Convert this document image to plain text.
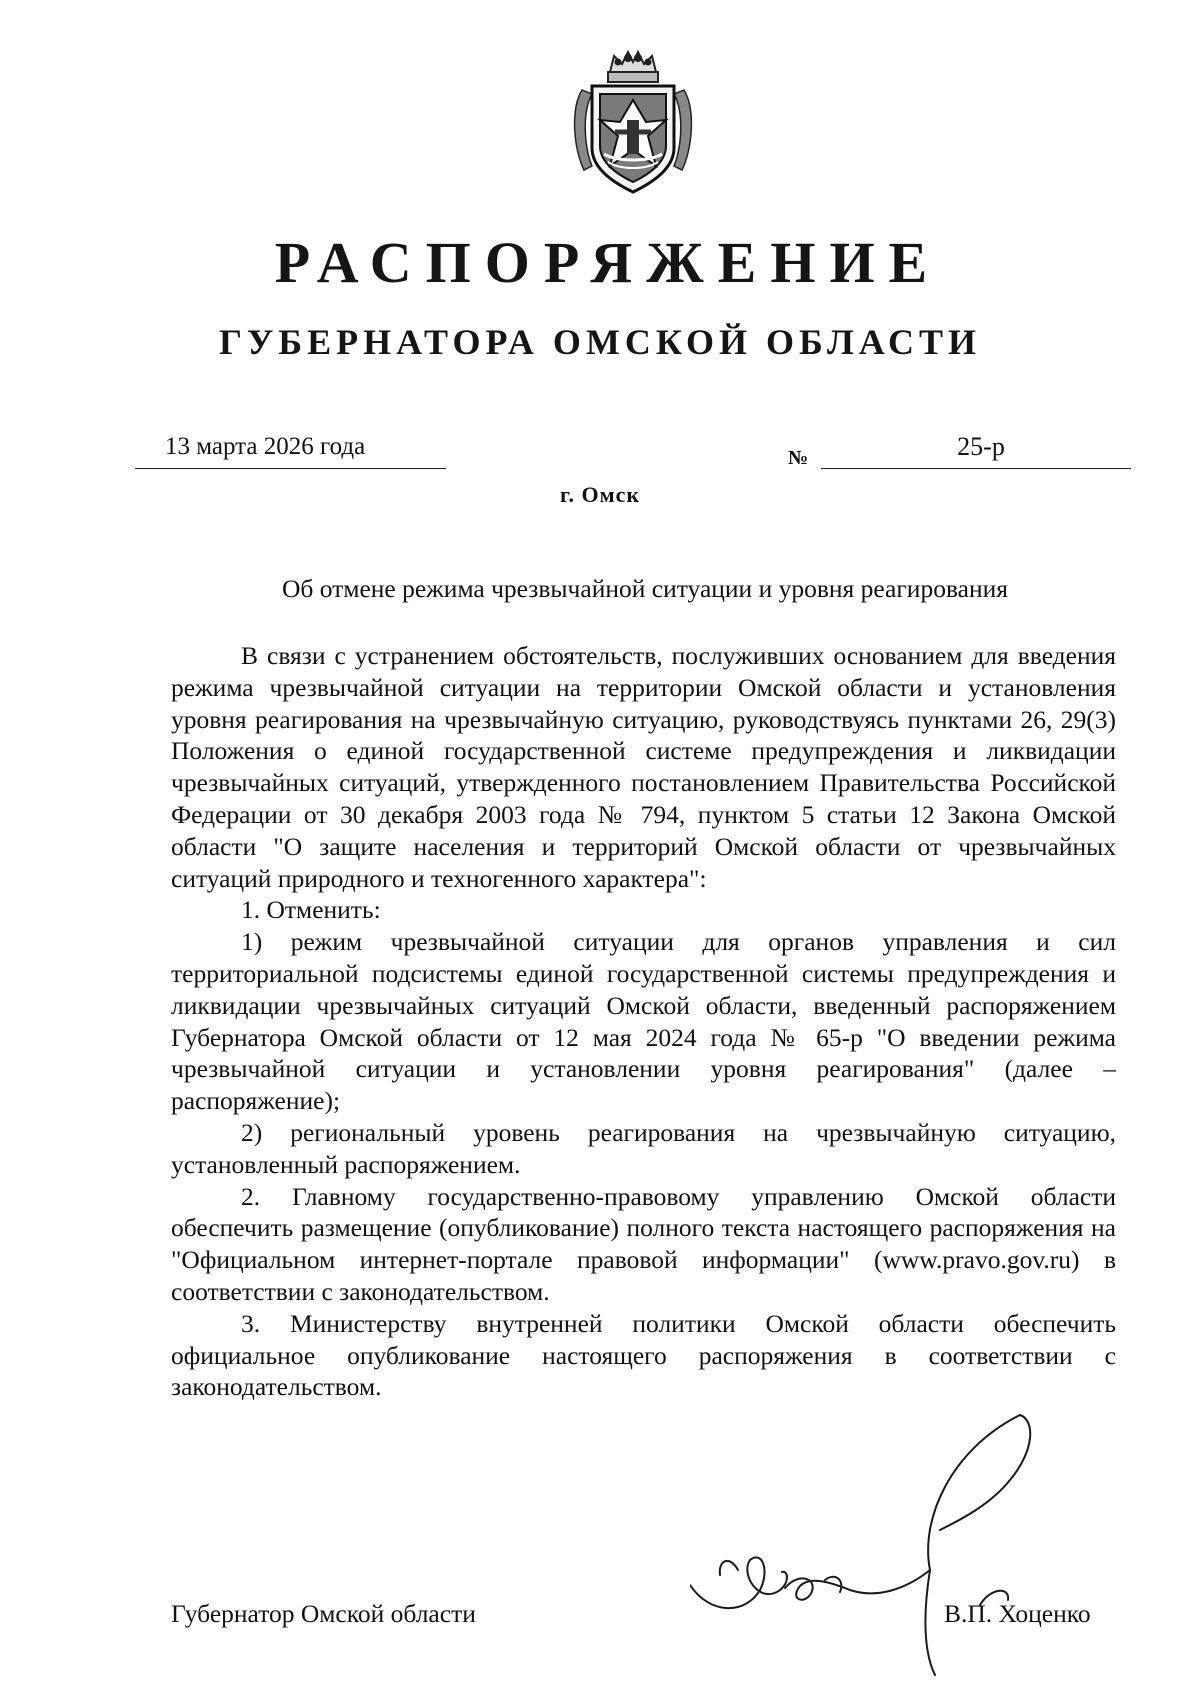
РАСПОРЯЖЕНИЕ
ГУБЕРНАТОРА ОМСКОЙ ОБЛАСТИ
13 марта 2026 года	№	25-р
г. Омск
Об отмене режима чрезвычайной ситуации и уровня реагирования

В связи с устранением обстоятельств, послуживших основанием для введения режима чрезвычайной ситуации на территории Омской области и установления уровня реагирования на чрезвычайную ситуацию, руководствуясь пунктами 26, 29(3) Положения о единой государственной системе предупреждения и ликвидации чрезвычайных ситуаций, утвержденного постановлением Правительства Российской Федерации от 30 декабря 2003 года № 794, пунктом 5 статьи 12 Закона Омской области "О защите населения и территорий Омской области от чрезвычайных ситуаций природного и техногенного характера":

1. Отменить:

1) режим чрезвычайной ситуации для органов управления и сил территориальной подсистемы единой государственной системы предупреждения и ликвидации чрезвычайных ситуаций Омской области, введенный распоряжением Губернатора Омской области от 12 мая 2024 года № 65-р "О введении режима чрезвычайной ситуации и установлении уровня реагирования" (далее – распоряжение);

2) региональный уровень реагирования на чрезвычайную ситуацию, установленный распоряжением.

2. Главному государственно-правовому управлению Омской области обеспечить размещение (опубликование) полного текста настоящего распоряжения на "Официальном интернет-портале правовой информации" (www.pravo.gov.ru) в соответствии с законодательством.

3. Министерству внутренней политики Омской области обеспечить официальное опубликование настоящего распоряжения в соответствии с законодательством.

Губернатор Омской области	В.П. Хоценко
